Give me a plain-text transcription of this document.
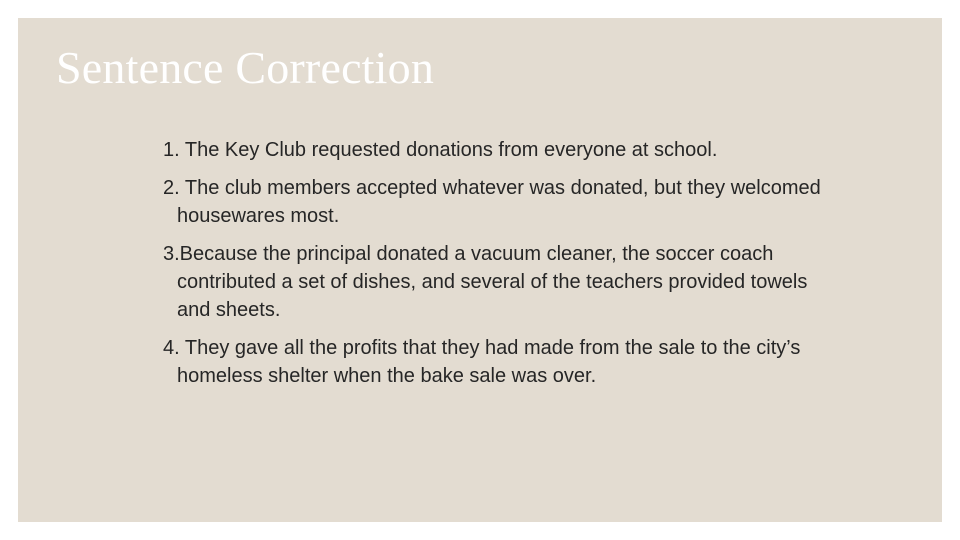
Sentence Correction
1. The Key Club requested donations from everyone at school.
2. The club members accepted whatever was donated, but they welcomed housewares most.
3.Because the principal donated a vacuum cleaner, the soccer coach contributed a set of dishes, and several of the teachers provided towels and sheets.
4. They gave all the profits that they had made from the sale to the city’s homeless shelter when the bake sale was over.
